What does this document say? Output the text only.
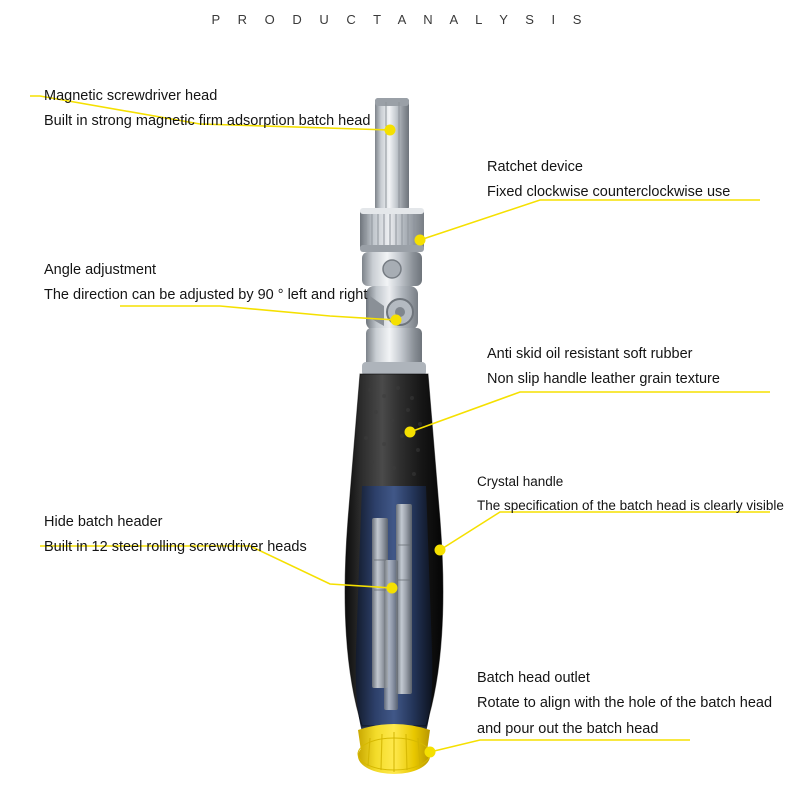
P R O D U C T A N A L Y S I S
Magnetic screwdriver head
Built in strong magnetic firm adsorption batch head
Ratchet device
Fixed clockwise counterclockwise use
Angle adjustment
The direction can be adjusted by 90 ° left and right
Anti skid oil resistant soft rubber
Non slip handle leather grain texture
Crystal handle
The specification of the batch head is clearly visible
Hide batch header
Built in 12 steel rolling screwdriver heads
Batch head outlet
Rotate to align with the hole of the batch head
and pour out the batch head
